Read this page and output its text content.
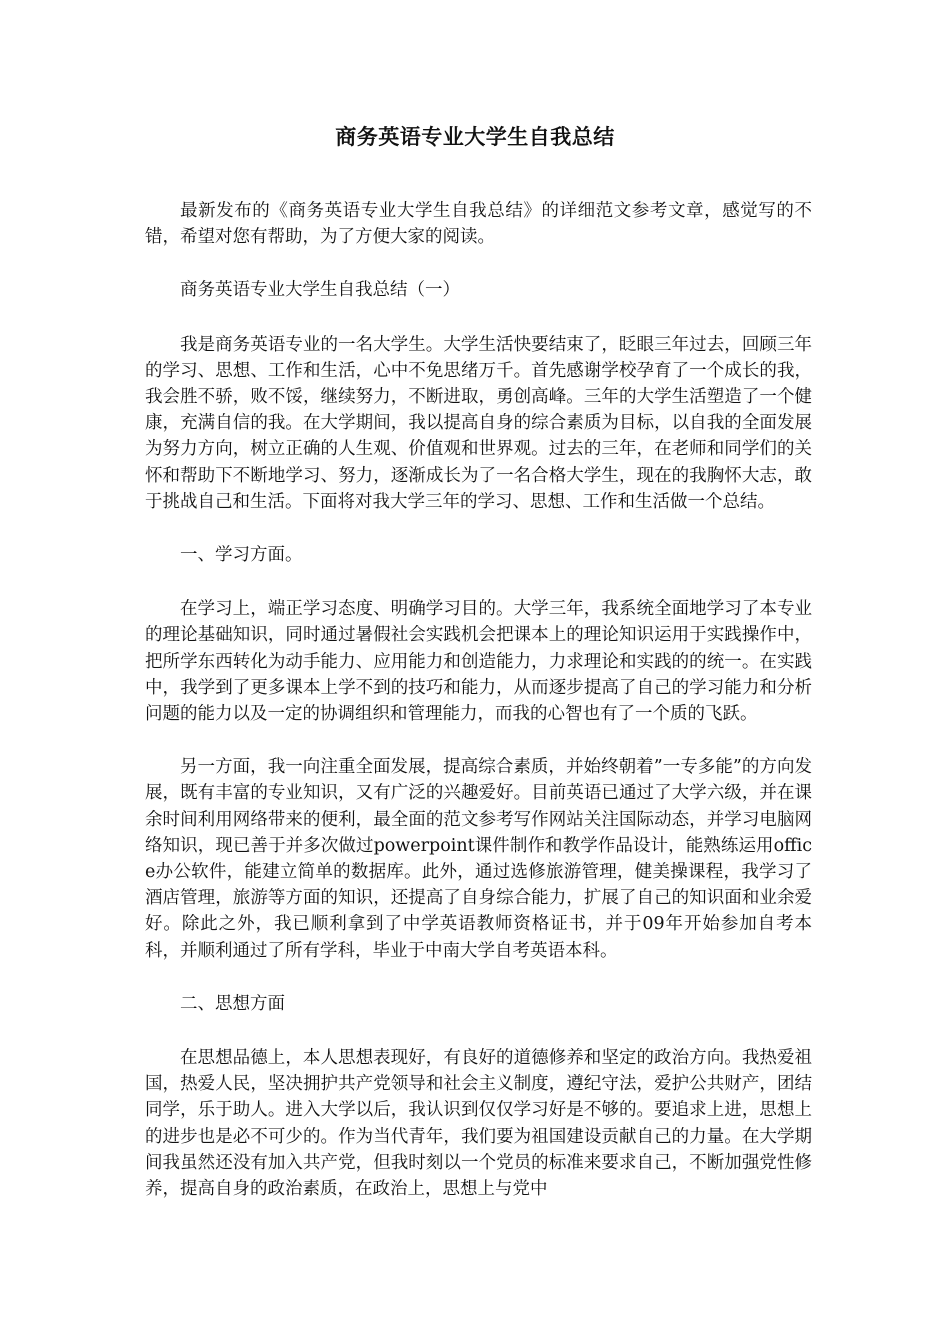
商务英语专业大学生自我总结

最新发布的《商务英语专业大学生自我总结》的详细范文参考文章，感觉写的不错，希望对您有帮助，为了方便大家的阅读。

商务英语专业大学生自我总结（一）

我是商务英语专业的一名大学生。大学生活快要结束了，眨眼三年过去，回顾三年的学习、思想、工作和生活，心中不免思绪万千。首先感谢学校孕育了一个成长的我，我会胜不骄，败不馁，继续努力，不断进取，勇创高峰。三年的大学生活塑造了一个健康，充满自信的我。在大学期间，我以提高自身的综合素质为目标，以自我的全面发展为努力方向，树立正确的人生观、价值观和世界观。过去的三年，在老师和同学们的关怀和帮助下不断地学习、努力，逐渐成长为了一名合格大学生，现在的我胸怀大志，敢于挑战自己和生活。下面将对我大学三年的学习、思想、工作和生活做一个总结。

一、学习方面。

在学习上，端正学习态度、明确学习目的。大学三年，我系统全面地学习了本专业的理论基础知识，同时通过暑假社会实践机会把课本上的理论知识运用于实践操作中，把所学东西转化为动手能力、应用能力和创造能力，力求理论和实践的的统一。在实践中，我学到了更多课本上学不到的技巧和能力，从而逐步提高了自己的学习能力和分析问题的能力以及一定的协调组织和管理能力，而我的心智也有了一个质的飞跃。

另一方面，我一向注重全面发展，提高综合素质，并始终朝着”一专多能”的方向发展，既有丰富的专业知识，又有广泛的兴趣爱好。目前英语已通过了大学六级，并在课余时间利用网络带来的便利，最全面的范文参考写作网站关注国际动态，并学习电脑网络知识，现已善于并多次做过powerpoint课件制作和教学作品设计，能熟练运用office办公软件，能建立简单的数据库。此外，通过选修旅游管理，健美操课程，我学习了酒店管理，旅游等方面的知识，还提高了自身综合能力，扩展了自己的知识面和业余爱好。除此之外，我已顺利拿到了中学英语教师资格证书，并于09年开始参加自考本科，并顺利通过了所有学科，毕业于中南大学自考英语本科。

二、思想方面

在思想品德上，本人思想表现好，有良好的道德修养和坚定的政治方向。我热爱祖国，热爱人民，坚决拥护共产党领导和社会主义制度，遵纪守法，爱护公共财产，团结同学，乐于助人。进入大学以后，我认识到仅仅学习好是不够的。要追求上进，思想上的进步也是必不可少的。作为当代青年，我们要为祖国建设贡献自己的力量。在大学期间我虽然还没有加入共产党，但我时刻以一个党员的标准来要求自己，不断加强党性修养，提高自身的政治素质，在政治上，思想上与党中
